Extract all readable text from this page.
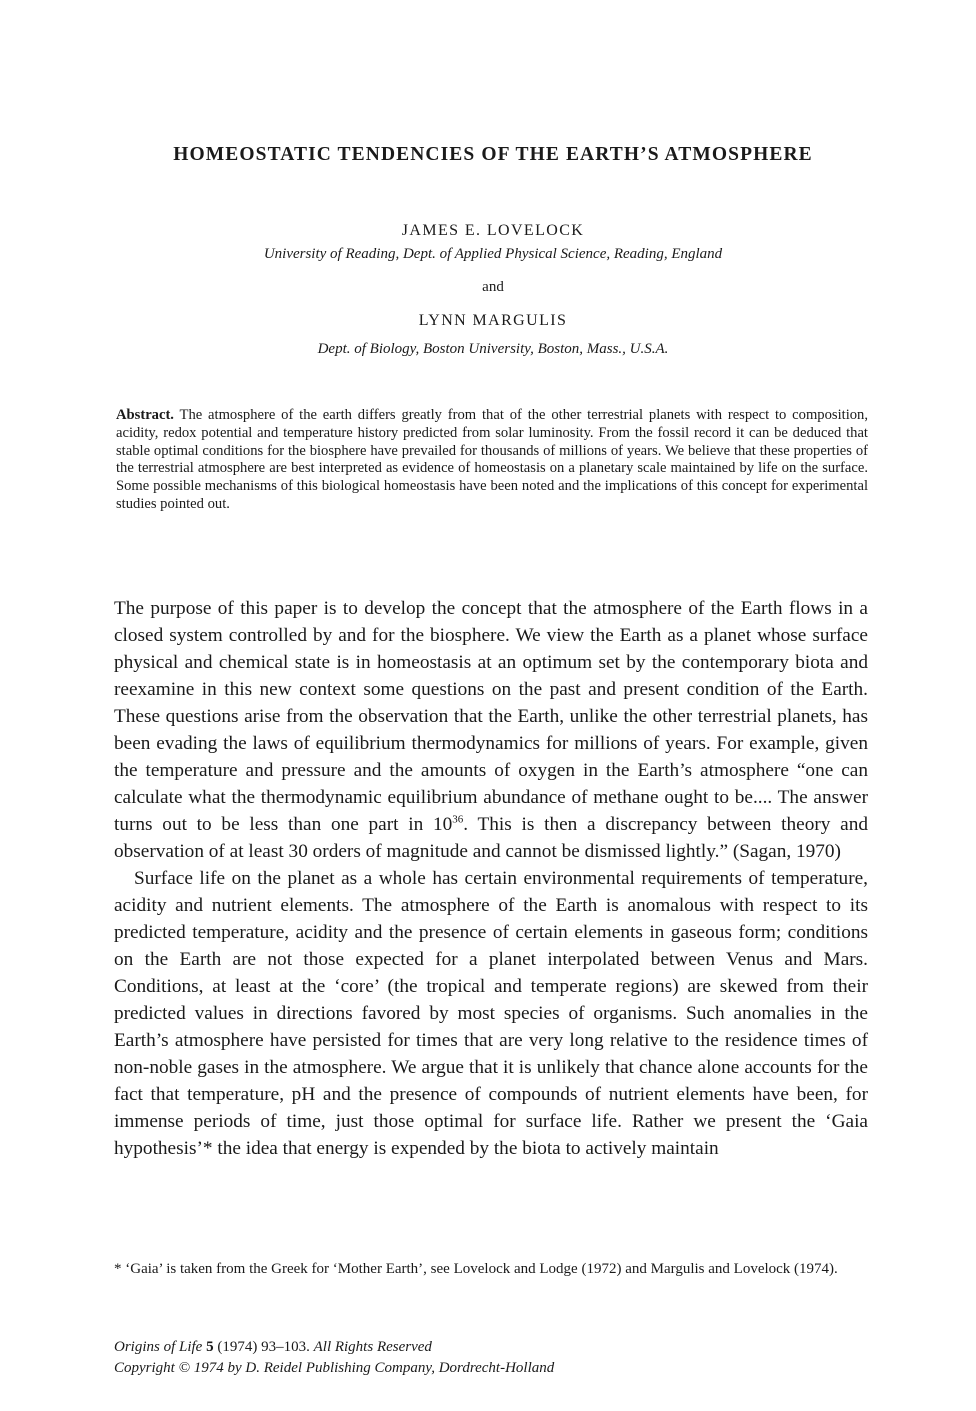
HOMEOSTATIC TENDENCIES OF THE EARTH’S ATMOSPHERE
JAMES E. LOVELOCK
University of Reading, Dept. of Applied Physical Science, Reading, England
and
LYNN MARGULIS
Dept. of Biology, Boston University, Boston, Mass., U.S.A.
Abstract. The atmosphere of the earth differs greatly from that of the other terrestrial planets with respect to composition, acidity, redox potential and temperature history predicted from solar luminosity. From the fossil record it can be deduced that stable optimal conditions for the biosphere have prevailed for thousands of millions of years. We believe that these properties of the terrestrial atmosphere are best interpreted as evidence of homeostasis on a planetary scale maintained by life on the surface. Some possible mechanisms of this biological homeostasis have been noted and the implications of this concept for experimental studies pointed out.

The purpose of this paper is to develop the concept that the atmosphere of the Earth flows in a closed system controlled by and for the biosphere. We view the Earth as a planet whose surface physical and chemical state is in homeostasis at an optimum set by the contemporary biota and reexamine in this new context some questions on the past and present condition of the Earth. These questions arise from the observation that the Earth, unlike the other terrestrial planets, has been evading the laws of equilibrium thermodynamics for millions of years. For example, given the temperature and pressure and the amounts of oxygen in the Earth’s atmosphere “one can calculate what the thermodynamic equilibrium abundance of methane ought to be.... The answer turns out to be less than one part in $10^{36}$. This is then a discrepancy between theory and observation of at least 30 orders of magnitude and cannot be dismissed lightly.” (Sagan, 1970)

Surface life on the planet as a whole has certain environmental requirements of temperature, acidity and nutrient elements. The atmosphere of the Earth is anomalous with respect to its predicted temperature, acidity and the presence of certain elements in gaseous form; conditions on the Earth are not those expected for a planet interpolated between Venus and Mars. Conditions, at least at the ‘core’ (the tropical and temperate regions) are skewed from their predicted values in directions favored by most species of organisms. Such anomalies in the Earth’s atmosphere have persisted for times that are very long relative to the residence times of non-noble gases in the atmosphere. We argue that it is unlikely that chance alone accounts for the fact that temperature, pH and the presence of compounds of nutrient elements have been, for immense periods of time, just those optimal for surface life. Rather we present the ‘Gaia hypothesis’* the idea that energy is expended by the biota to actively maintain

* ‘Gaia’ is taken from the Greek for ‘Mother Earth’, see Lovelock and Lodge (1972) and Margulis and Lovelock (1974).
Origins of Life 5 (1974) 93–103. All Rights Reserved
Copyright © 1974 by D. Reidel Publishing Company, Dordrecht-Holland
